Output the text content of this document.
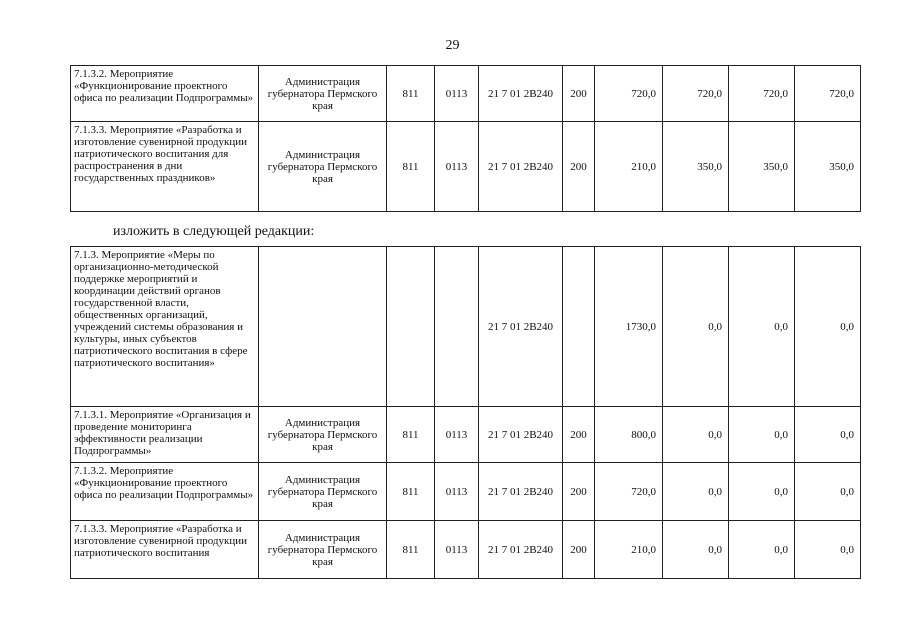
29
7.1.3.2. Мероприятие «Функционирование проектного офиса по реализации Подпрограммы»	Администрация губернатора Пермского края	811	0113	21 7 01 2В240	200	720,0	720,0	720,0	720,0
7.1.3.3. Мероприятие «Разработка и изготовление сувенирной продукции патриотического воспитания для распространения в дни государственных праздников»	Администрация губернатора Пермского края	811	0113	21 7 01 2В240	200	210,0	350,0	350,0	350,0
изложить в следующей редакции:
7.1.3. Мероприятие «Меры по организационно-методической поддержке мероприятий и координации действий органов государственной власти, общественных организаций, учреждений системы образования и культуры, иных субъектов патриотического воспитания в сфере патриотического воспитания»				21 7 01 2В240		1730,0	0,0	0,0	0,0
7.1.3.1. Мероприятие «Организация и проведение мониторинга эффективности реализации Подпрограммы»	Администрация губернатора Пермского края	811	0113	21 7 01 2В240	200	800,0	0,0	0,0	0,0
7.1.3.2. Мероприятие «Функционирование проектного офиса по реализации Подпрограммы»	Администрация губернатора Пермского края	811	0113	21 7 01 2В240	200	720,0	0,0	0,0	0,0
7.1.3.3. Мероприятие «Разработка и изготовление сувенирной продукции патриотического воспитания	Администрация губернатора Пермского края	811	0113	21 7 01 2В240	200	210,0	0,0	0,0	0,0
